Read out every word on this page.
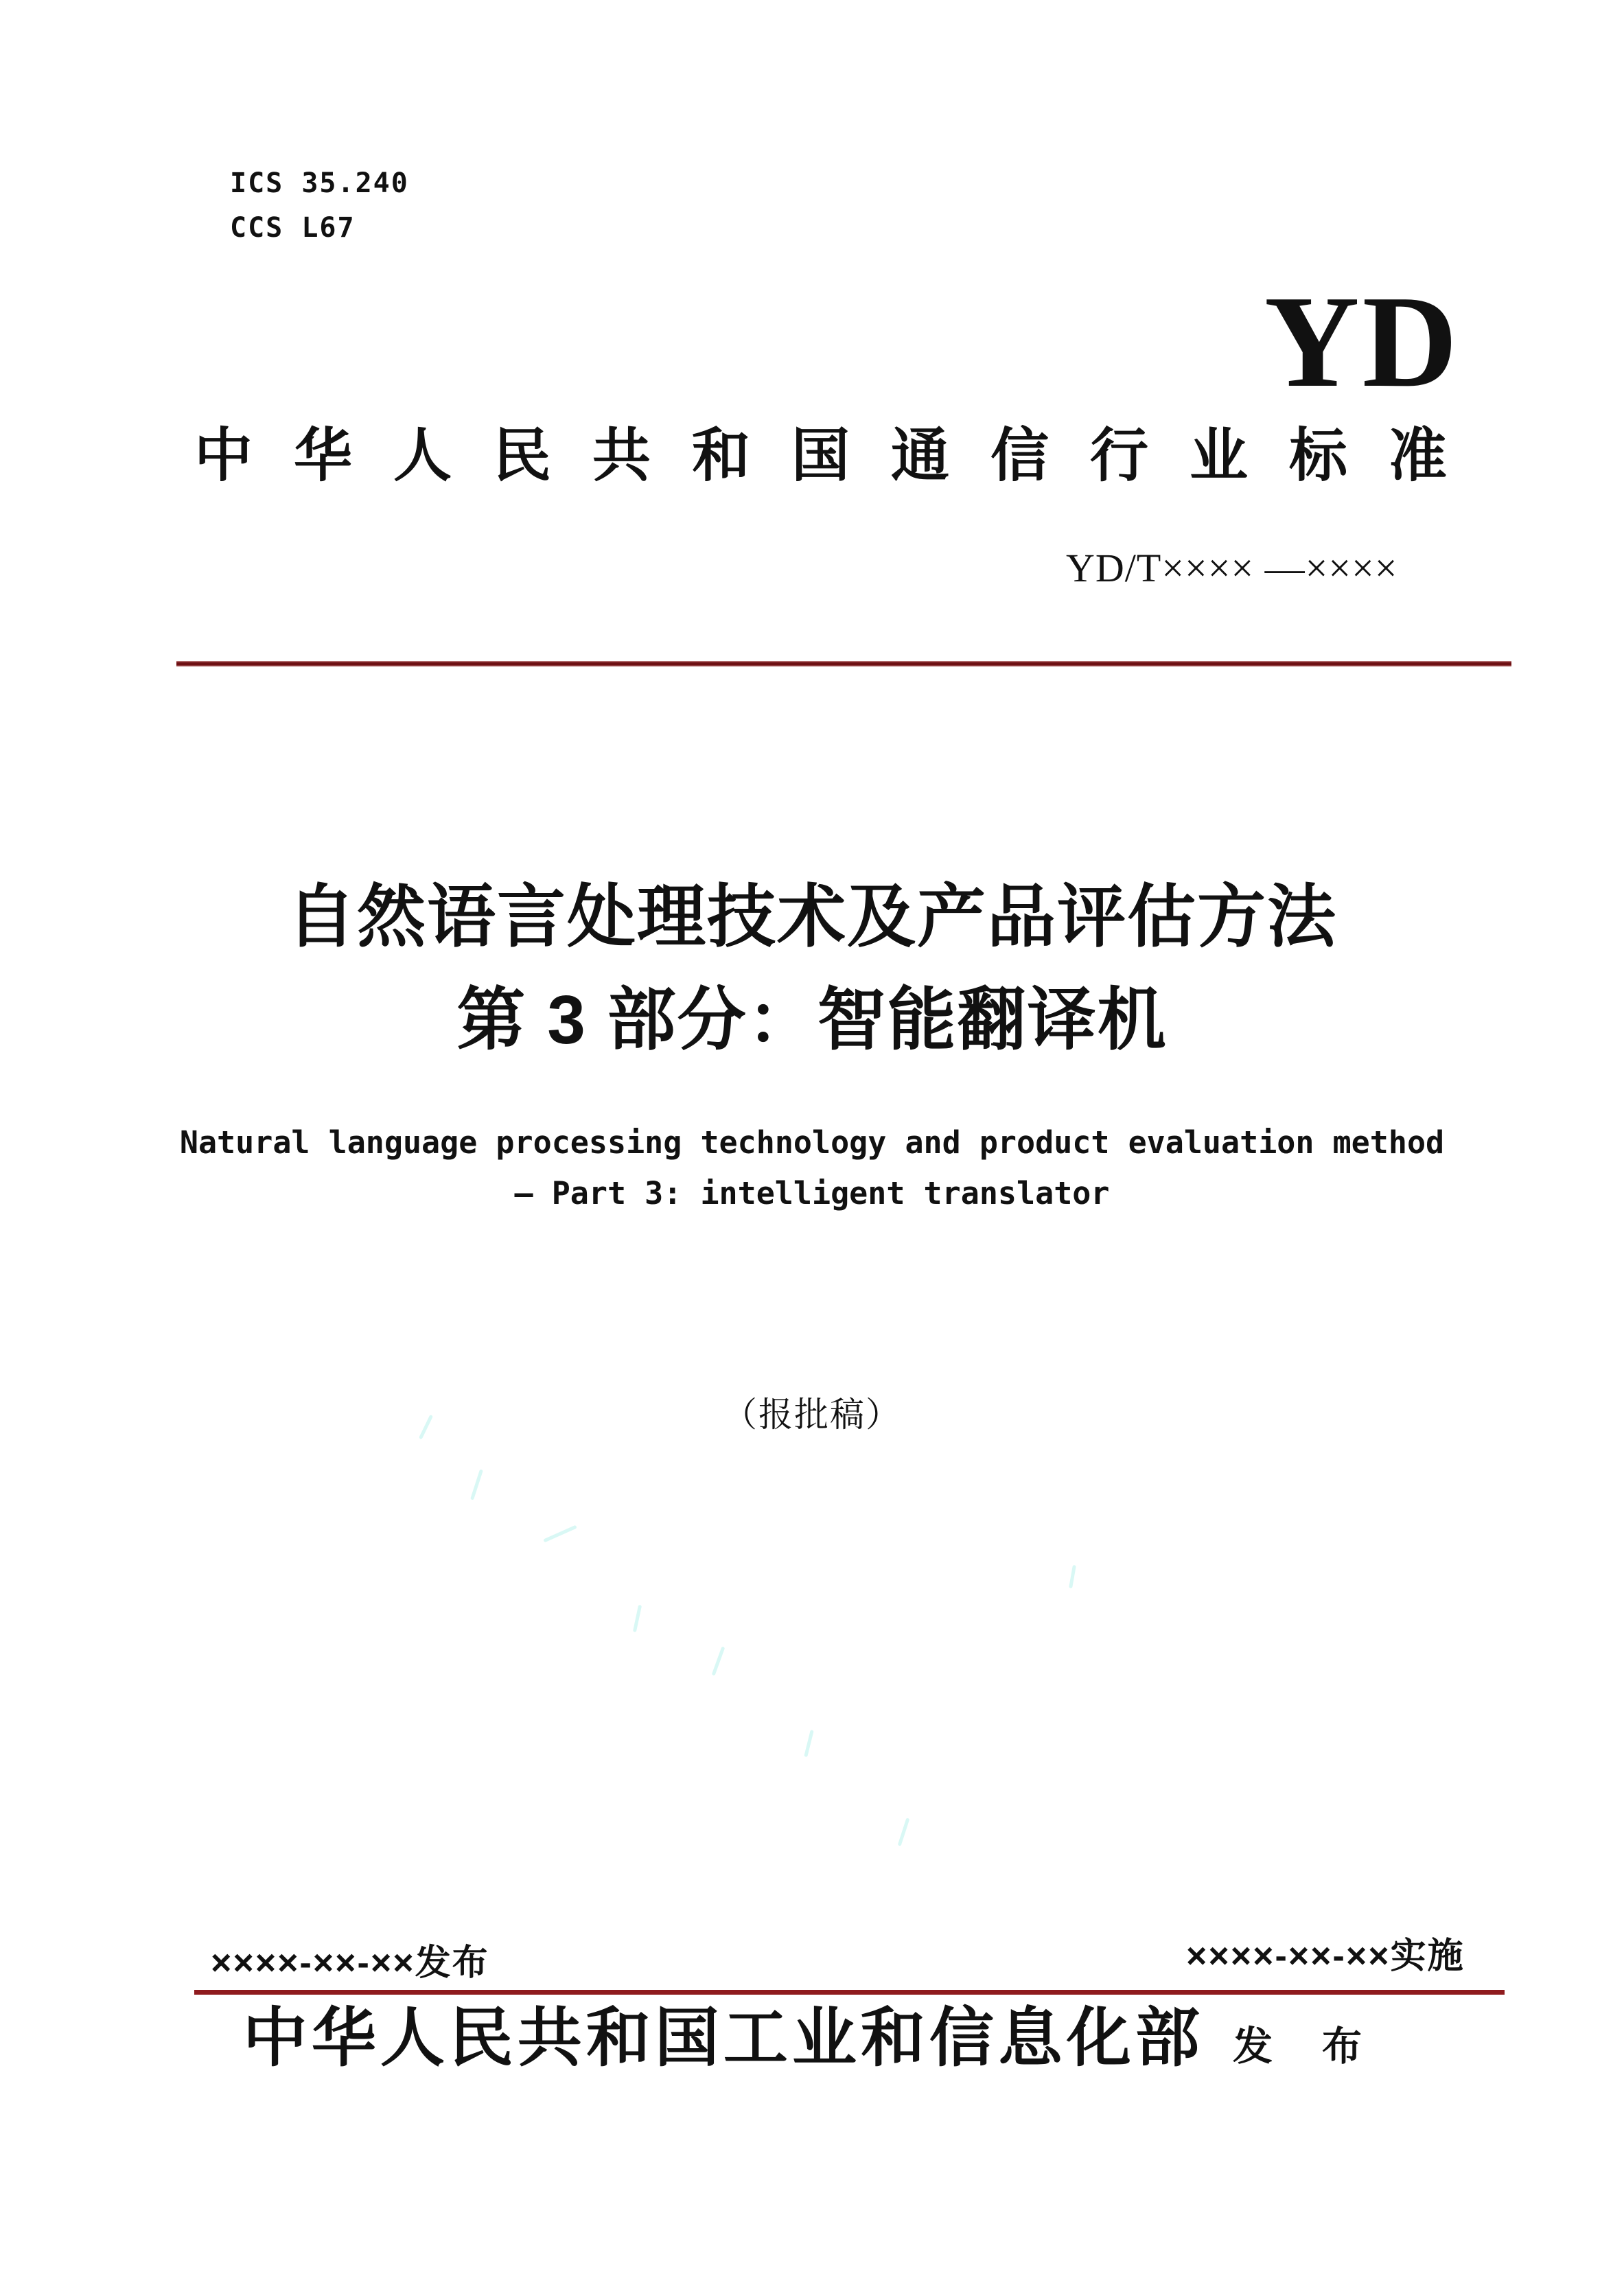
ICS 35.240
CCS L67
YD
中华人民共和国通信行业标准
YD/T×××× —××××
自然语言处理技术及产品评估方法
第 3 部分：智能翻译机
Natural language processing technology and product evaluation method
— Part 3: intelligent translator
（报批稿）
××××-××-××发布	××××-××-××实施
中华人民共和国工业和信息化部 发 布
